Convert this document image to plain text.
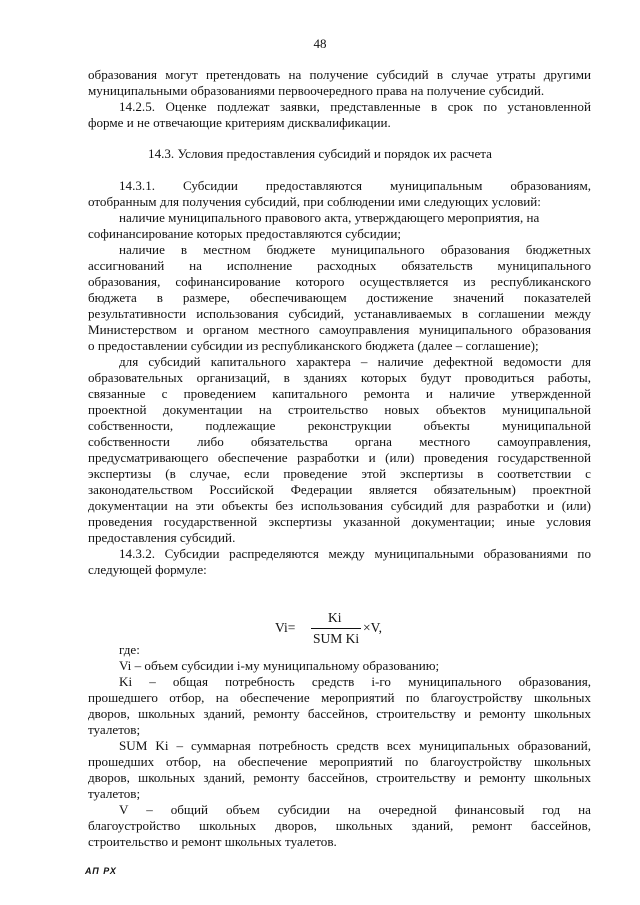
48
образования могут претендовать на получение субсидий в случае утраты другими
муниципальными образованиями первоочередного права на получение субсидий.
14.2.5. Оценке подлежат заявки, представленные в срок по установленной
форме и не отвечающие критериям дисквалификации.
14.3. Условия предоставления субсидий и порядок их расчета
14.3.1. Субсидии предоставляются муниципальным образованиям,
отобранным для получения субсидий, при соблюдении ими следующих условий:
наличие муниципального правового акта, утверждающего мероприятия, на
софинансирование которых предоставляются субсидии;
наличие в местном бюджете муниципального образования бюджетных
ассигнований на исполнение расходных обязательств муниципального
образования, софинансирование которого осуществляется из республиканского
бюджета в размере, обеспечивающем достижение значений показателей
результативности использования субсидий, устанавливаемых в соглашении между
Министерством и органом местного самоуправления муниципального образования
о предоставлении субсидии из республиканского бюджета (далее – соглашение);
для субсидий капитального характера – наличие дефектной ведомости для
образовательных организаций, в зданиях которых будут проводиться работы,
связанные с проведением капитального ремонта и наличие утвержденной
проектной документации на строительство новых объектов муниципальной
собственности, подлежащие реконструкции объекты муниципальной
собственности либо обязательства органа местного самоуправления,
предусматривающего обеспечение разработки и (или) проведения государственной
экспертизы (в случае, если проведение этой экспертизы в соответствии с
законодательством Российской Федерации является обязательным) проектной
документации на эти объекты без использования субсидий для разработки и (или)
проведения государственной экспертизы указанной документации; иные условия
предоставления субсидий.
14.3.2. Субсидии распределяются между муниципальными образованиями по
следующей формуле:
Vi=
Ki
SUM Ki
×V,
где:
Vi – объем субсидии i-му муниципальному образованию;
Ki – общая потребность средств i-го муниципального образования,
прошедшего отбор, на обеспечение мероприятий по благоустройству школьных
дворов, школьных зданий, ремонту бассейнов, строительству и ремонту школьных
туалетов;
SUM Ki – суммарная потребность средств всех муниципальных образований,
прошедших отбор, на обеспечение мероприятий по благоустройству школьных
дворов, школьных зданий, ремонту бассейнов, строительству и ремонту школьных
туалетов;
V – общий объем субсидии на очередной финансовый год на
благоустройство школьных дворов, школьных зданий, ремонт бассейнов,
строительство и ремонт школьных туалетов.
АП РХ
